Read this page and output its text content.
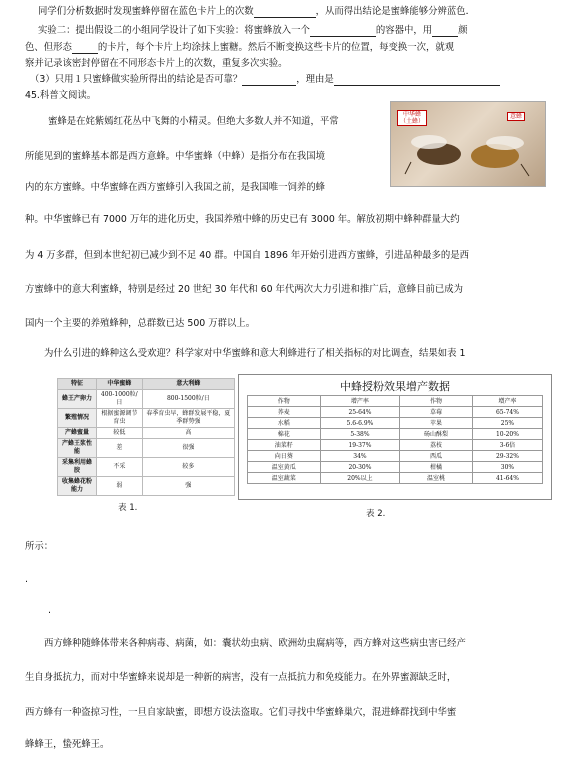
同学们分析数据时发现蜜蜂停留在蓝色卡片上的次数	，从而得出结论是蜜蜂能够分辨蓝色．
实验二：提出假设二的小组同学设计了如下实验：将蜜蜂放入一个	的容器中，用	颜
色、但形态	的卡片，每个卡片上均涂抹上蜜糖。然后不断变换这些卡片的位置，每变换一次，就观
察并记录该密封停留在不同形态卡片上的次数，重复多次实验。
（3）只用１只蜜蜂做实验所得出的结论是否可靠？	，理由是
45.科普文阅读。
中华蜂
（土蜂）
意蜂
蜜蜂是在姹紫嫣红花丛中飞舞的小精灵。但绝大多数人并不知道，平常
所能见到的蜜蜂基本都是西方意蜂。中华蜜蜂（中蜂）是指分布在我国境
内的东方蜜蜂。中华蜜蜂在西方蜜蜂引入我国之前，是我国唯一饲养的蜂
种。中华蜜蜂已有 7000 万年的进化历史，我国养殖中蜂的历史已有 3000 年。解放初期中蜂种群量大约
为 4 万多群，但到本世纪初已减少到不足 40 群。中国自 1896 年开始引进西方蜜蜂，引进品种最多的是西
方蜜蜂中的意大利蜜蜂，特别是经过 20 世纪 30 年代和 60 年代两次大力引进和推广后，意蜂目前已成为
国内一个主要的养殖蜂种，总群数已达 500 万群以上。
为什么引进的蜂种这么受欢迎？科学家对中华蜜蜂和意大利蜂进行了相关指标的对比调查，结果如表 1
特征	中华蜜蜂	意大利蜂
蜂王产卵力	400-1000粒/日	800-1500粒/日
繁殖情况	根据蜜源调节育虫	春季育虫早，蜂群发展平稳，夏季群势强
产蜂蜜量	较低	高
产蜂王浆性能	差	很强
采集利用蜂胶	不采	较多
收集蜂花粉能力	弱	强
表 1.
中蜂授粉效果增产数据
作物	增产率	作物	增产率
荞麦	25-64%	草莓	65-74%
水稻	5.6-6.9%	苹果	25%
棉花	5-38%	砀山酥梨	10-20%
油菜籽	19-37%	荔枝	3-6倍
向日葵	34%	西瓜	29-32%
温室黄瓜	20-30%	柑橘	30%
温室蔬菜	20%以上	温室桃	41-64%
表 2.
所示：
.
.
西方蜂种随蜂体带来各种病毒、病菌，如：囊状幼虫病、欧洲幼虫腐病等，西方蜂对这些病虫害已经产
生自身抵抗力，而对中华蜜蜂来说却是一种新的病害，没有一点抵抗力和免疫能力。在外界蜜源缺乏时，
西方蜂有一种盗掠习性，一旦自家缺蜜，即想方设法盗取。它们寻找中华蜜蜂巢穴，混进蜂群找到中华蜜
蜂蜂王，蛰死蜂王。
